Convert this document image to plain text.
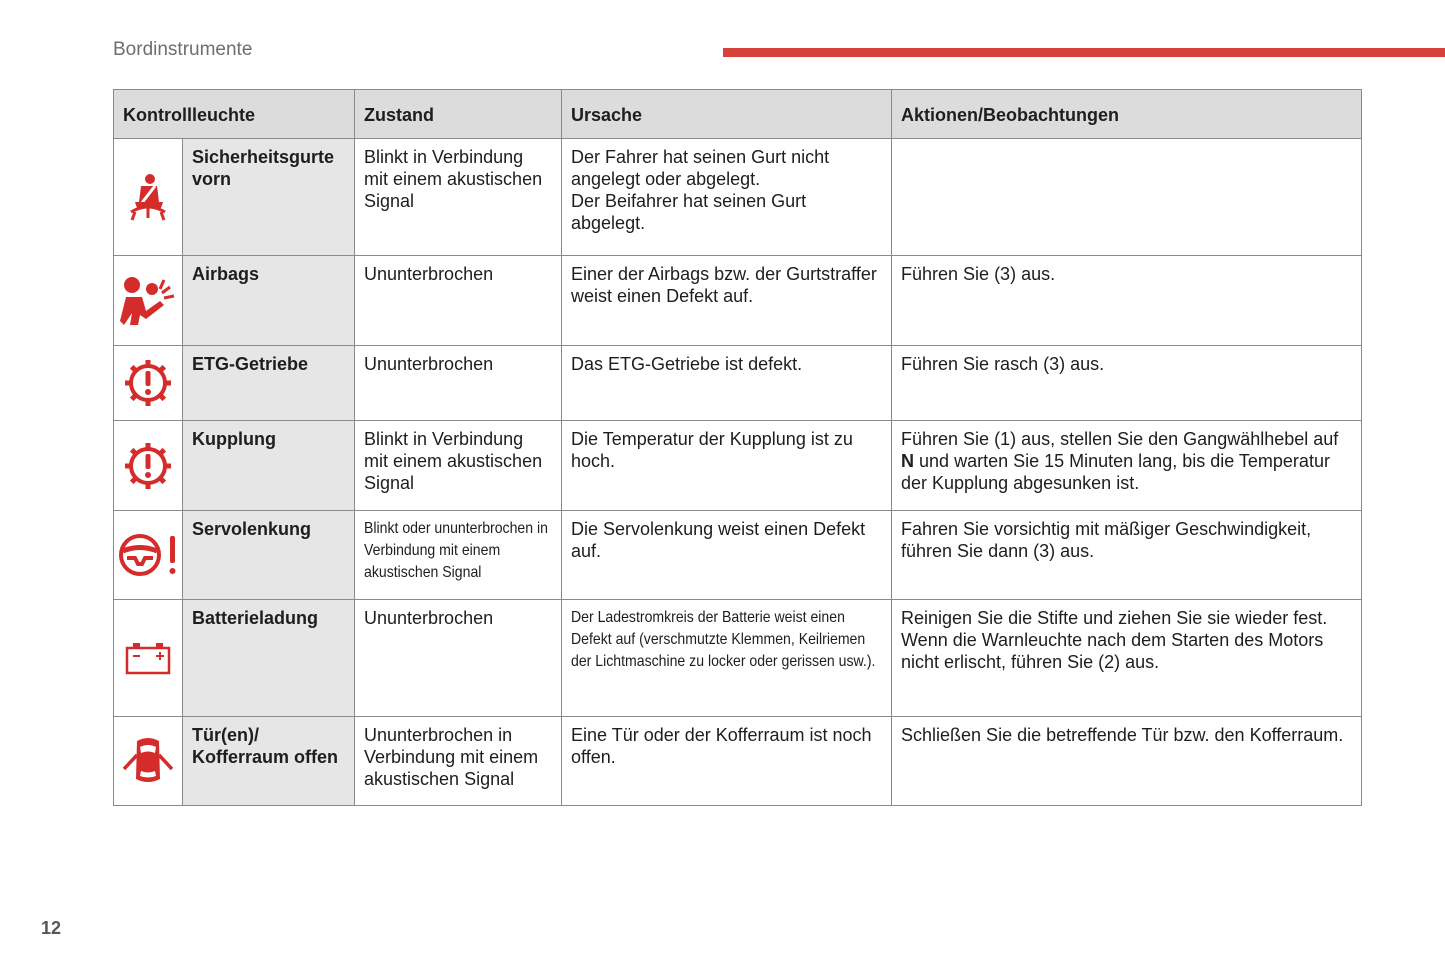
Bordinstrumente
Kontrollleuchte		Zustand	Ursache	Aktionen/Beobachtungen

	Sicherheitsgurte vorn	Blinkt in Verbindung mit einem akustischen Signal	Der Fahrer hat seinen Gurt nicht angelegt oder abgelegt.
Der Beifahrer hat seinen Gurt abgelegt.	

	Airbags	Ununterbrochen	Einer der Airbags bzw. der Gurtstraffer weist einen Defekt auf.	Führen Sie (3) aus.

	ETG-Getriebe	Ununterbrochen	Das ETG-Getriebe ist defekt.	Führen Sie rasch (3) aus.

	Kupplung	Blinkt in Verbindung mit einem akustischen Signal	Die Temperatur der Kupplung ist zu hoch.	Führen Sie (1) aus, stellen Sie den Gangwählhebel auf N und warten Sie 15 Minuten lang, bis die Temperatur der Kupplung abgesunken ist.

	Servolenkung	Blinkt oder ununterbrochen in Verbindung mit einem akustischen Signal	Die Servolenkung weist einen Defekt auf.	Fahren Sie vorsichtig mit mäßiger Geschwindigkeit, führen Sie dann (3) aus.

	Batterieladung	Ununterbrochen	Der Ladestromkreis der Batterie weist einen Defekt auf (verschmutzte Klemmen, Keilriemen der Lichtmaschine zu locker oder gerissen usw.).	Reinigen Sie die Stifte und ziehen Sie sie wieder fest. Wenn die Warnleuchte nach dem Starten des Motors nicht erlischt, führen Sie (2) aus.

	Tür(en)/ Kofferraum offen	Ununterbrochen in Verbindung mit einem akustischen Signal	Eine Tür oder der Kofferraum ist noch offen.	Schließen Sie die betreffende Tür bzw. den Kofferraum.
12
